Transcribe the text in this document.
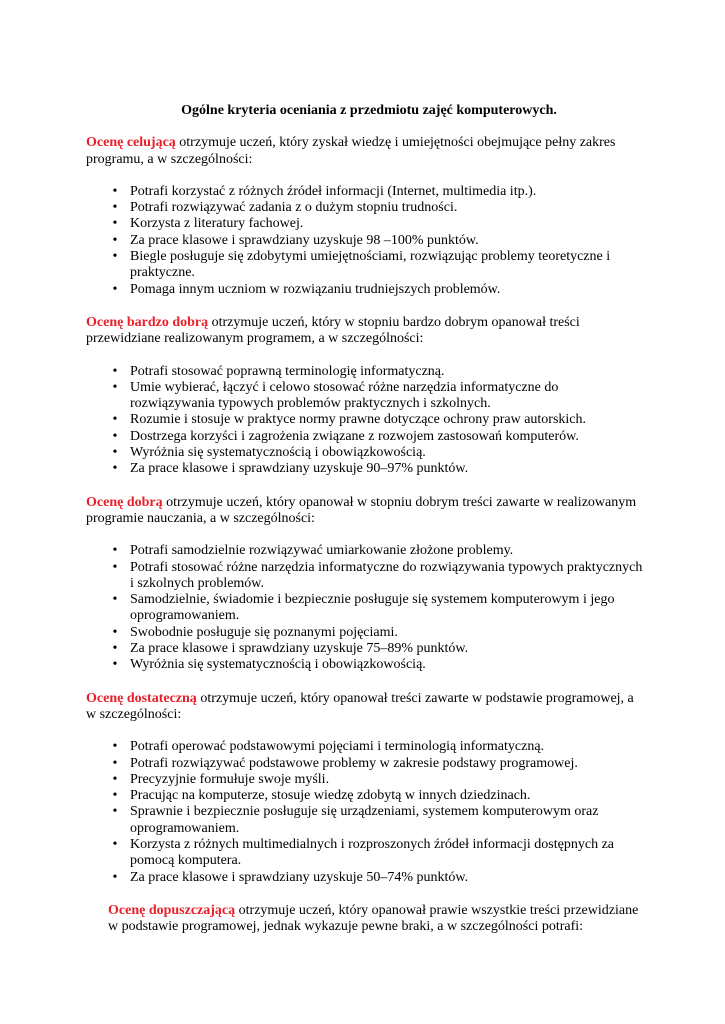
Ogólne kryteria oceniania z przedmiotu zajęć komputerowych.

Ocenę celującą otrzymuje uczeń, który zyskał wiedzę i umiejętności obejmujące pełny zakres programu, a w szczególności:

• Potrafi korzystać z różnych źródeł informacji (Internet, multimedia itp.).
• Potrafi rozwiązywać zadania z o dużym stopniu trudności.
• Korzysta z literatury fachowej.
• Za prace klasowe i sprawdziany uzyskuje 98 –100% punktów.
• Biegle posługuje się zdobytymi umiejętnościami, rozwiązując problemy teoretyczne i praktyczne.
• Pomaga innym uczniom w rozwiązaniu trudniejszych problemów.

Ocenę bardzo dobrą otrzymuje uczeń, który w stopniu bardzo dobrym opanował treści przewidziane realizowanym programem, a w szczególności:

• Potrafi stosować poprawną terminologię informatyczną.
• Umie wybierać, łączyć i celowo stosować różne narzędzia informatyczne do rozwiązywania typowych problemów praktycznych i szkolnych.
• Rozumie i stosuje w praktyce normy prawne dotyczące ochrony praw autorskich.
• Dostrzega korzyści i zagrożenia związane z rozwojem zastosowań komputerów.
• Wyróżnia się systematycznością i obowiązkowością.
• Za prace klasowe i sprawdziany uzyskuje 90–97% punktów.

Ocenę dobrą otrzymuje uczeń, który opanował w stopniu dobrym treści zawarte w realizowanym programie nauczania, a w szczególności:

• Potrafi samodzielnie rozwiązywać umiarkowanie złożone problemy.
• Potrafi stosować różne narzędzia informatyczne do rozwiązywania typowych praktycznych i szkolnych problemów.
• Samodzielnie, świadomie i bezpiecznie posługuje się systemem komputerowym i jego oprogramowaniem.
• Swobodnie posługuje się poznanymi pojęciami.
• Za prace klasowe i sprawdziany uzyskuje 75–89% punktów.
• Wyróżnia się systematycznością i obowiązkowością.

Ocenę dostateczną otrzymuje uczeń, który opanował treści zawarte w podstawie programowej, a w szczególności:

• Potrafi operować podstawowymi pojęciami i terminologią informatyczną.
• Potrafi rozwiązywać podstawowe problemy w zakresie podstawy programowej.
• Precyzyjnie formułuje swoje myśli.
• Pracując na komputerze, stosuje wiedzę zdobytą w innych dziedzinach.
• Sprawnie i bezpiecznie posługuje się urządzeniami, systemem komputerowym oraz oprogramowaniem.
• Korzysta z różnych multimedialnych i rozproszonych źródeł informacji dostępnych za pomocą komputera.
• Za prace klasowe i sprawdziany uzyskuje 50–74% punktów.

Ocenę dopuszczającą otrzymuje uczeń, który opanował prawie wszystkie treści przewidziane w podstawie programowej, jednak wykazuje pewne braki, a w szczególności potrafi:
